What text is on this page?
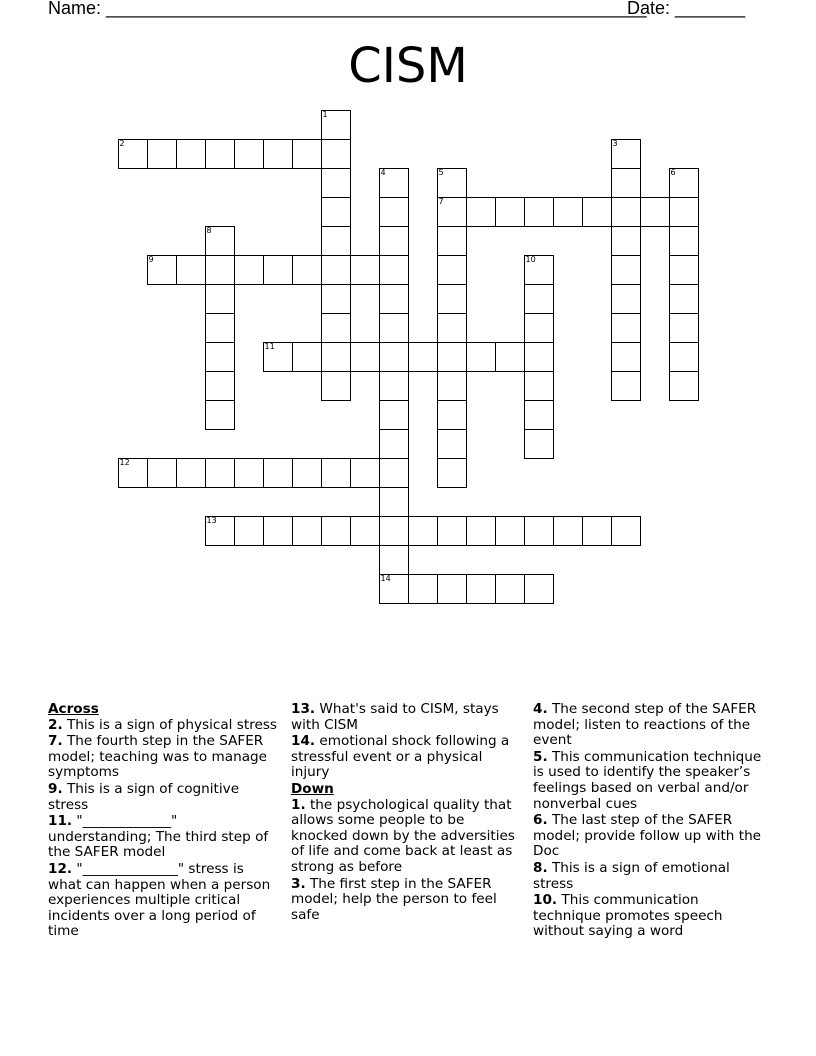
Name: ______________________________________________________
Date: _______
CISM
1
2	3
4
14
5
7
6
8
9	10
11
12
13
Across
2. This is a sign of physical stress
7. The fourth step in the SAFER model; teaching was to manage symptoms
9. This is a sign of cognitive stress
11. "_____________" understanding; The third step of the SAFER model
12. "______________" stress is what can happen when a person experiences multiple critical incidents over a long period of time
13. What's said to CISM, stays with CISM
14. emotional shock following a stressful event or a physical injury
Down
1. the psychological quality that allows some people to be knocked down by the adversities of life and come back at least as strong as before
3. The first step in the SAFER model; help the person to feel safe
4. The second step of the SAFER model; listen to reactions of the event
5. This communication technique is used to identify the speaker’s feelings based on verbal and/or nonverbal cues
6. The last step of the SAFER model; provide follow up with the Doc
8. This is a sign of emotional stress
10. This communication technique promotes speech without saying a word
